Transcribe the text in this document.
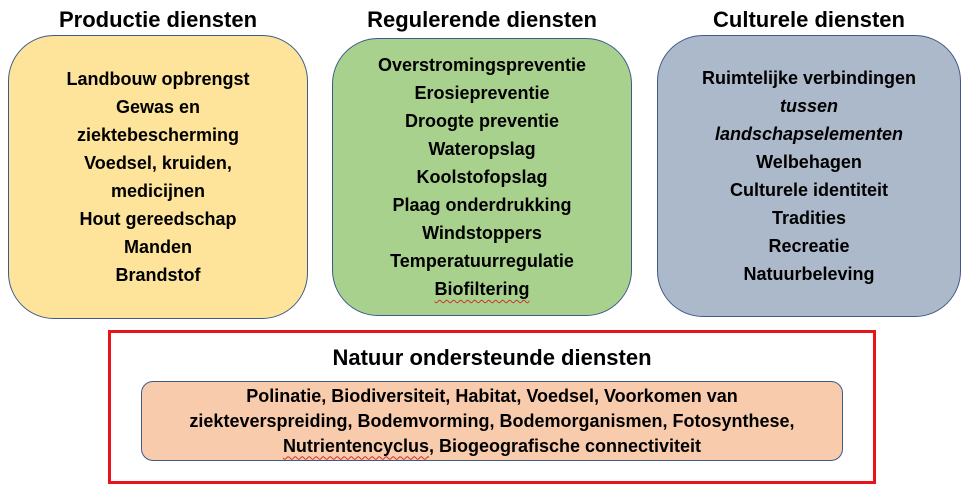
Productie diensten	Regulerende diensten	Culturele diensten
Landbouw opbrengst
Gewas en
ziektebescherming
Voedsel, kruiden,
medicijnen
Hout gereedschap
Manden
Brandstof
Overstromingspreventie
Erosiepreventie
Droogte preventie
Wateropslag
Koolstofopslag
Plaag onderdrukking
Windstoppers
Temperatuurregulatie
Biofiltering
Ruimtelijke verbindingen
tussen
landschapselementen
Welbehagen
Culturele identiteit
Tradities
Recreatie
Natuurbeleving
Natuur ondersteunde diensten
Polinatie, Biodiversiteit, Habitat, Voedsel, Voorkomen van
ziekteverspreiding, Bodemvorming, Bodemorganismen, Fotosynthese,
Nutrientencyclus, Biogeografische connectiviteit
